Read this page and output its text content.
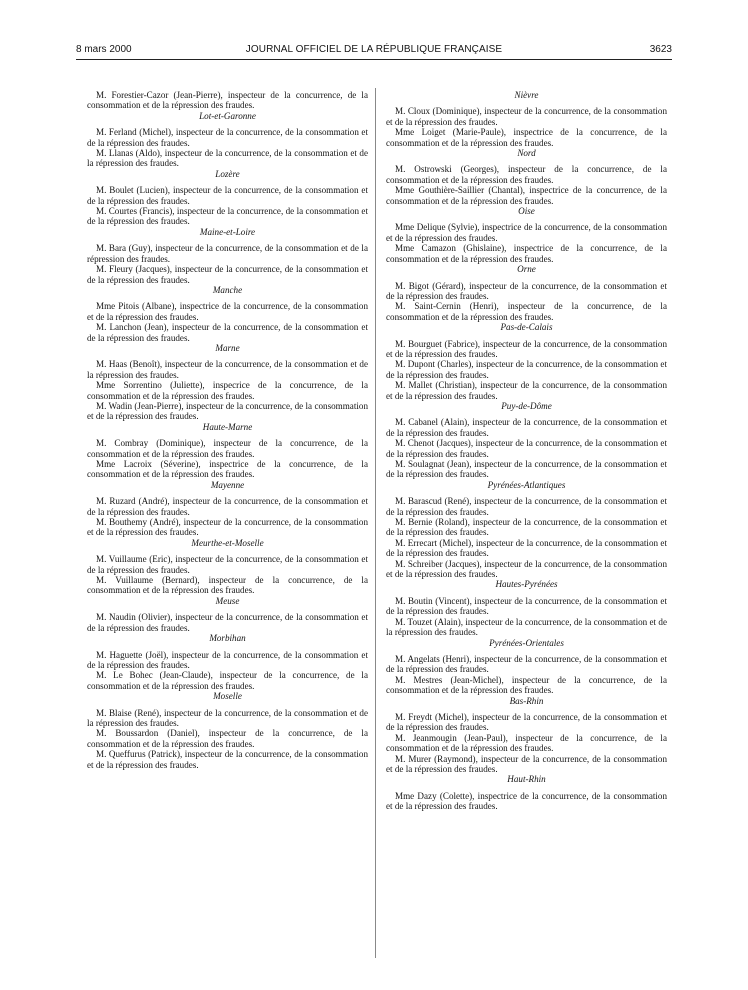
8 mars 2000	JOURNAL OFFICIEL DE LA RÉPUBLIQUE FRANÇAISE	3623

M. Forestier-Cazor (Jean-Pierre), inspecteur de la concurrence, de la consommation et de la répression des fraudes.

Lot-et-Garonne

M. Ferland (Michel), inspecteur de la concurrence, de la consommation et de la répression des fraudes.

M. Llanas (Aldo), inspecteur de la concurrence, de la consommation et de la répression des fraudes.

Lozère

M. Boulet (Lucien), inspecteur de la concurrence, de la consommation et de la répression des fraudes.

M. Courtes (Francis), inspecteur de la concurrence, de la consommation et de la répression des fraudes.

Maine-et-Loire

M. Bara (Guy), inspecteur de la concurrence, de la consommation et de la répression des fraudes.

M. Fleury (Jacques), inspecteur de la concurrence, de la consommation et de la répression des fraudes.

Manche

Mme Pitois (Albane), inspectrice de la concurrence, de la consommation et de la répression des fraudes.

M. Lanchon (Jean), inspecteur de la concurrence, de la consommation et de la répression des fraudes.

Marne

M. Haas (Benoît), inspecteur de la concurrence, de la consommation et de la répression des fraudes.

Mme Sorrentino (Juliette), inspecrice de la concurrence, de la consommation et de la répression des fraudes.

M. Wadin (Jean-Pierre), inspecteur de la concurrence, de la consommation et de la répression des fraudes.

Haute-Marne

M. Combray (Dominique), inspecteur de la concurrence, de la consommation et de la répression des fraudes.

Mme Lacroix (Séverine), inspectrice de la concurrence, de la consommation et de la répression des fraudes.

Mayenne

M. Ruzard (André), inspecteur de la concurrence, de la consommation et de la répression des fraudes.

M. Bouthemy (André), inspecteur de la concurrence, de la consommation et de la répression des fraudes.

Meurthe-et-Moselle

M. Vuillaume (Eric), inspecteur de la concurrence, de la consommation et de la répression des fraudes.

M. Vuillaume (Bernard), inspecteur de la concurrence, de la consommation et de la répression des fraudes.

Meuse

M. Naudin (Olivier), inspecteur de la concurrence, de la consommation et de la répression des fraudes.

Morbihan

M. Haguette (Joël), inspecteur de la concurrence, de la consommation et de la répression des fraudes.

M. Le Bohec (Jean-Claude), inspecteur de la concurrence, de la consommation et de la répression des fraudes.

Moselle

M. Blaise (René), inspecteur de la concurrence, de la consommation et de la répression des fraudes.

M. Boussardon (Daniel), inspecteur de la concurrence, de la consommation et de la répression des fraudes.

M. Queffurus (Patrick), inspecteur de la concurrence, de la consommation et de la répression des fraudes.

Nièvre

M. Cloux (Dominique), inspecteur de la concurrence, de la consommation et de la répression des fraudes.

Mme Loiget (Marie-Paule), inspectrice de la concurrence, de la consommation et de la répression des fraudes.

Nord

M. Ostrowski (Georges), inspecteur de la concurrence, de la consommation et de la répression des fraudes.

Mme Gouthière-Saillier (Chantal), inspectrice de la concurrence, de la consommation et de la répression des fraudes.

Oise

Mme Delique (Sylvie), inspectrice de la concurrence, de la consommation et de la répression des fraudes.

Mme Camazon (Ghislaine), inspectrice de la concurrence, de la consommation et de la répression des fraudes.

Orne

M. Bigot (Gérard), inspecteur de la concurrence, de la consommation et de la répression des fraudes.

M. Saint-Cernin (Henri), inspecteur de la concurrence, de la consommation et de la répression des fraudes.

Pas-de-Calais

M. Bourguet (Fabrice), inspecteur de la concurrence, de la consommation et de la répression des fraudes.

M. Dupont (Charles), inspecteur de la concurrence, de la consommation et de la répression des fraudes.

M. Mallet (Christian), inspecteur de la concurrence, de la consommation et de la répression des fraudes.

Puy-de-Dôme

M. Cabanel (Alain), inspecteur de la concurrence, de la consommation et de la répression des fraudes.

M. Chenot (Jacques), inspecteur de la concurrence, de la consommation et de la répression des fraudes.

M. Soulagnat (Jean), inspecteur de la concurrence, de la consommation et de la répression des fraudes.

Pyrénées-Atlantiques

M. Barascud (René), inspecteur de la concurrence, de la consommation et de la répression des fraudes.

M. Bernie (Roland), inspecteur de la concurrence, de la consommation et de la répression des fraudes.

M. Errecart (Michel), inspecteur de la concurrence, de la consommation et de la répression des fraudes.

M. Schreiber (Jacques), inspecteur de la concurrence, de la consommation et de la répression des fraudes.

Hautes-Pyrénées

M. Boutin (Vincent), inspecteur de la concurrence, de la consommation et de la répression des fraudes.

M. Touzet (Alain), inspecteur de la concurrence, de la consommation et de la répression des fraudes.

Pyrénées-Orientales

M. Angelats (Henri), inspecteur de la concurrence, de la consommation et de la répression des fraudes.

M. Mestres (Jean-Michel), inspecteur de la concurrence, de la consommation et de la répression des fraudes.

Bas-Rhin

M. Freydt (Michel), inspecteur de la concurrence, de la consommation et de la répression des fraudes.

M. Jeanmougin (Jean-Paul), inspecteur de la concurrence, de la consommation et de la répression des fraudes.

M. Murer (Raymond), inspecteur de la concurrence, de la consommation et de la répression des fraudes.

Haut-Rhin

Mme Dazy (Colette), inspectrice de la concurrence, de la consommation et de la répression des fraudes.
